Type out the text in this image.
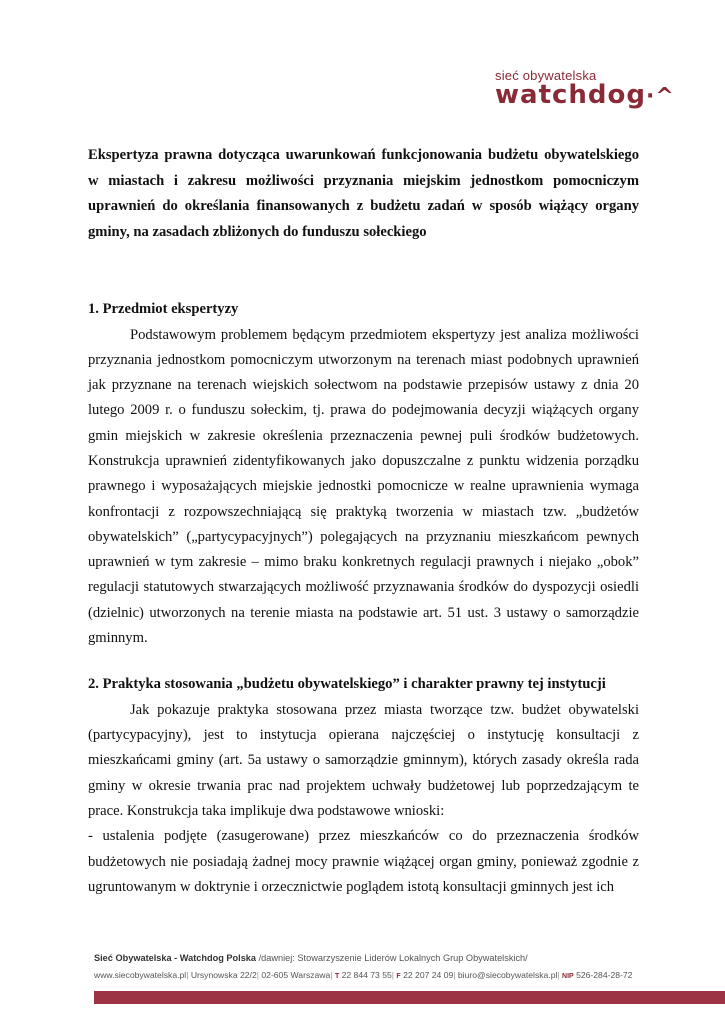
sieć obywatelska
watchdog·^

Ekspertyza prawna dotycząca uwarunkowań funkcjonowania budżetu obywatelskiego w miastach i zakresu możliwości przyznania miejskim jednostkom pomocniczym uprawnień do określania finansowanych z budżetu zadań w sposób wiążący organy gminy, na zasadach zbliżonych do funduszu sołeckiego

1. Przedmiot ekspertyzy

Podstawowym problemem będącym przedmiotem ekspertyzy jest analiza możliwości przyznania jednostkom pomocniczym utworzonym na terenach miast podobnych uprawnień jak przyznane na terenach wiejskich sołectwom na podstawie przepisów ustawy z dnia 20 lutego 2009 r. o funduszu sołeckim, tj. prawa do podejmowania decyzji wiążących organy gmin miejskich w zakresie określenia przeznaczenia pewnej puli środków budżetowych. Konstrukcja uprawnień zidentyfikowanych jako dopuszczalne z punktu widzenia porządku prawnego i wyposażających miejskie jednostki pomocnicze w realne uprawnienia wymaga konfrontacji z rozpowszechniającą się praktyką tworzenia w miastach tzw. „budżetów obywatelskich” („partycypacyjnych”) polegających na przyznaniu mieszkańcom pewnych uprawnień w tym zakresie – mimo braku konkretnych regulacji prawnych i niejako „obok” regulacji statutowych stwarzających możliwość przyznawania środków do dyspozycji osiedli (dzielnic) utworzonych na terenie miasta na podstawie art. 51 ust. 3 ustawy o samorządzie gminnym.

2. Praktyka stosowania „budżetu obywatelskiego” i charakter prawny tej instytucji

Jak pokazuje praktyka stosowana przez miasta tworzące tzw. budżet obywatelski (partycypacyjny), jest to instytucja opierana najczęściej o instytucję konsultacji z mieszkańcami gminy (art. 5a ustawy o samorządzie gminnym), których zasady określa rada gminy w okresie trwania prac nad projektem uchwały budżetowej lub poprzedzającym te prace. Konstrukcja taka implikuje dwa podstawowe wnioski:

- ustalenia podjęte (zasugerowane) przez mieszkańców co do przeznaczenia środków budżetowych nie posiadają żadnej mocy prawnie wiążącej organ gminy, ponieważ zgodnie z ugruntowanym w doktrynie i orzecznictwie poglądem istotą konsultacji gminnych jest ich

Sieć Obywatelska - Watchdog Polska /dawniej: Stowarzyszenie Liderów Lokalnych Grup Obywatelskich/
www.siecobywatelska.pl| Ursynowska 22/2| 02-605 Warszawa| T 22 844 73 55| F 22 207 24 09| biuro@siecobywatelska.pl| NIP 526-284-28-72
